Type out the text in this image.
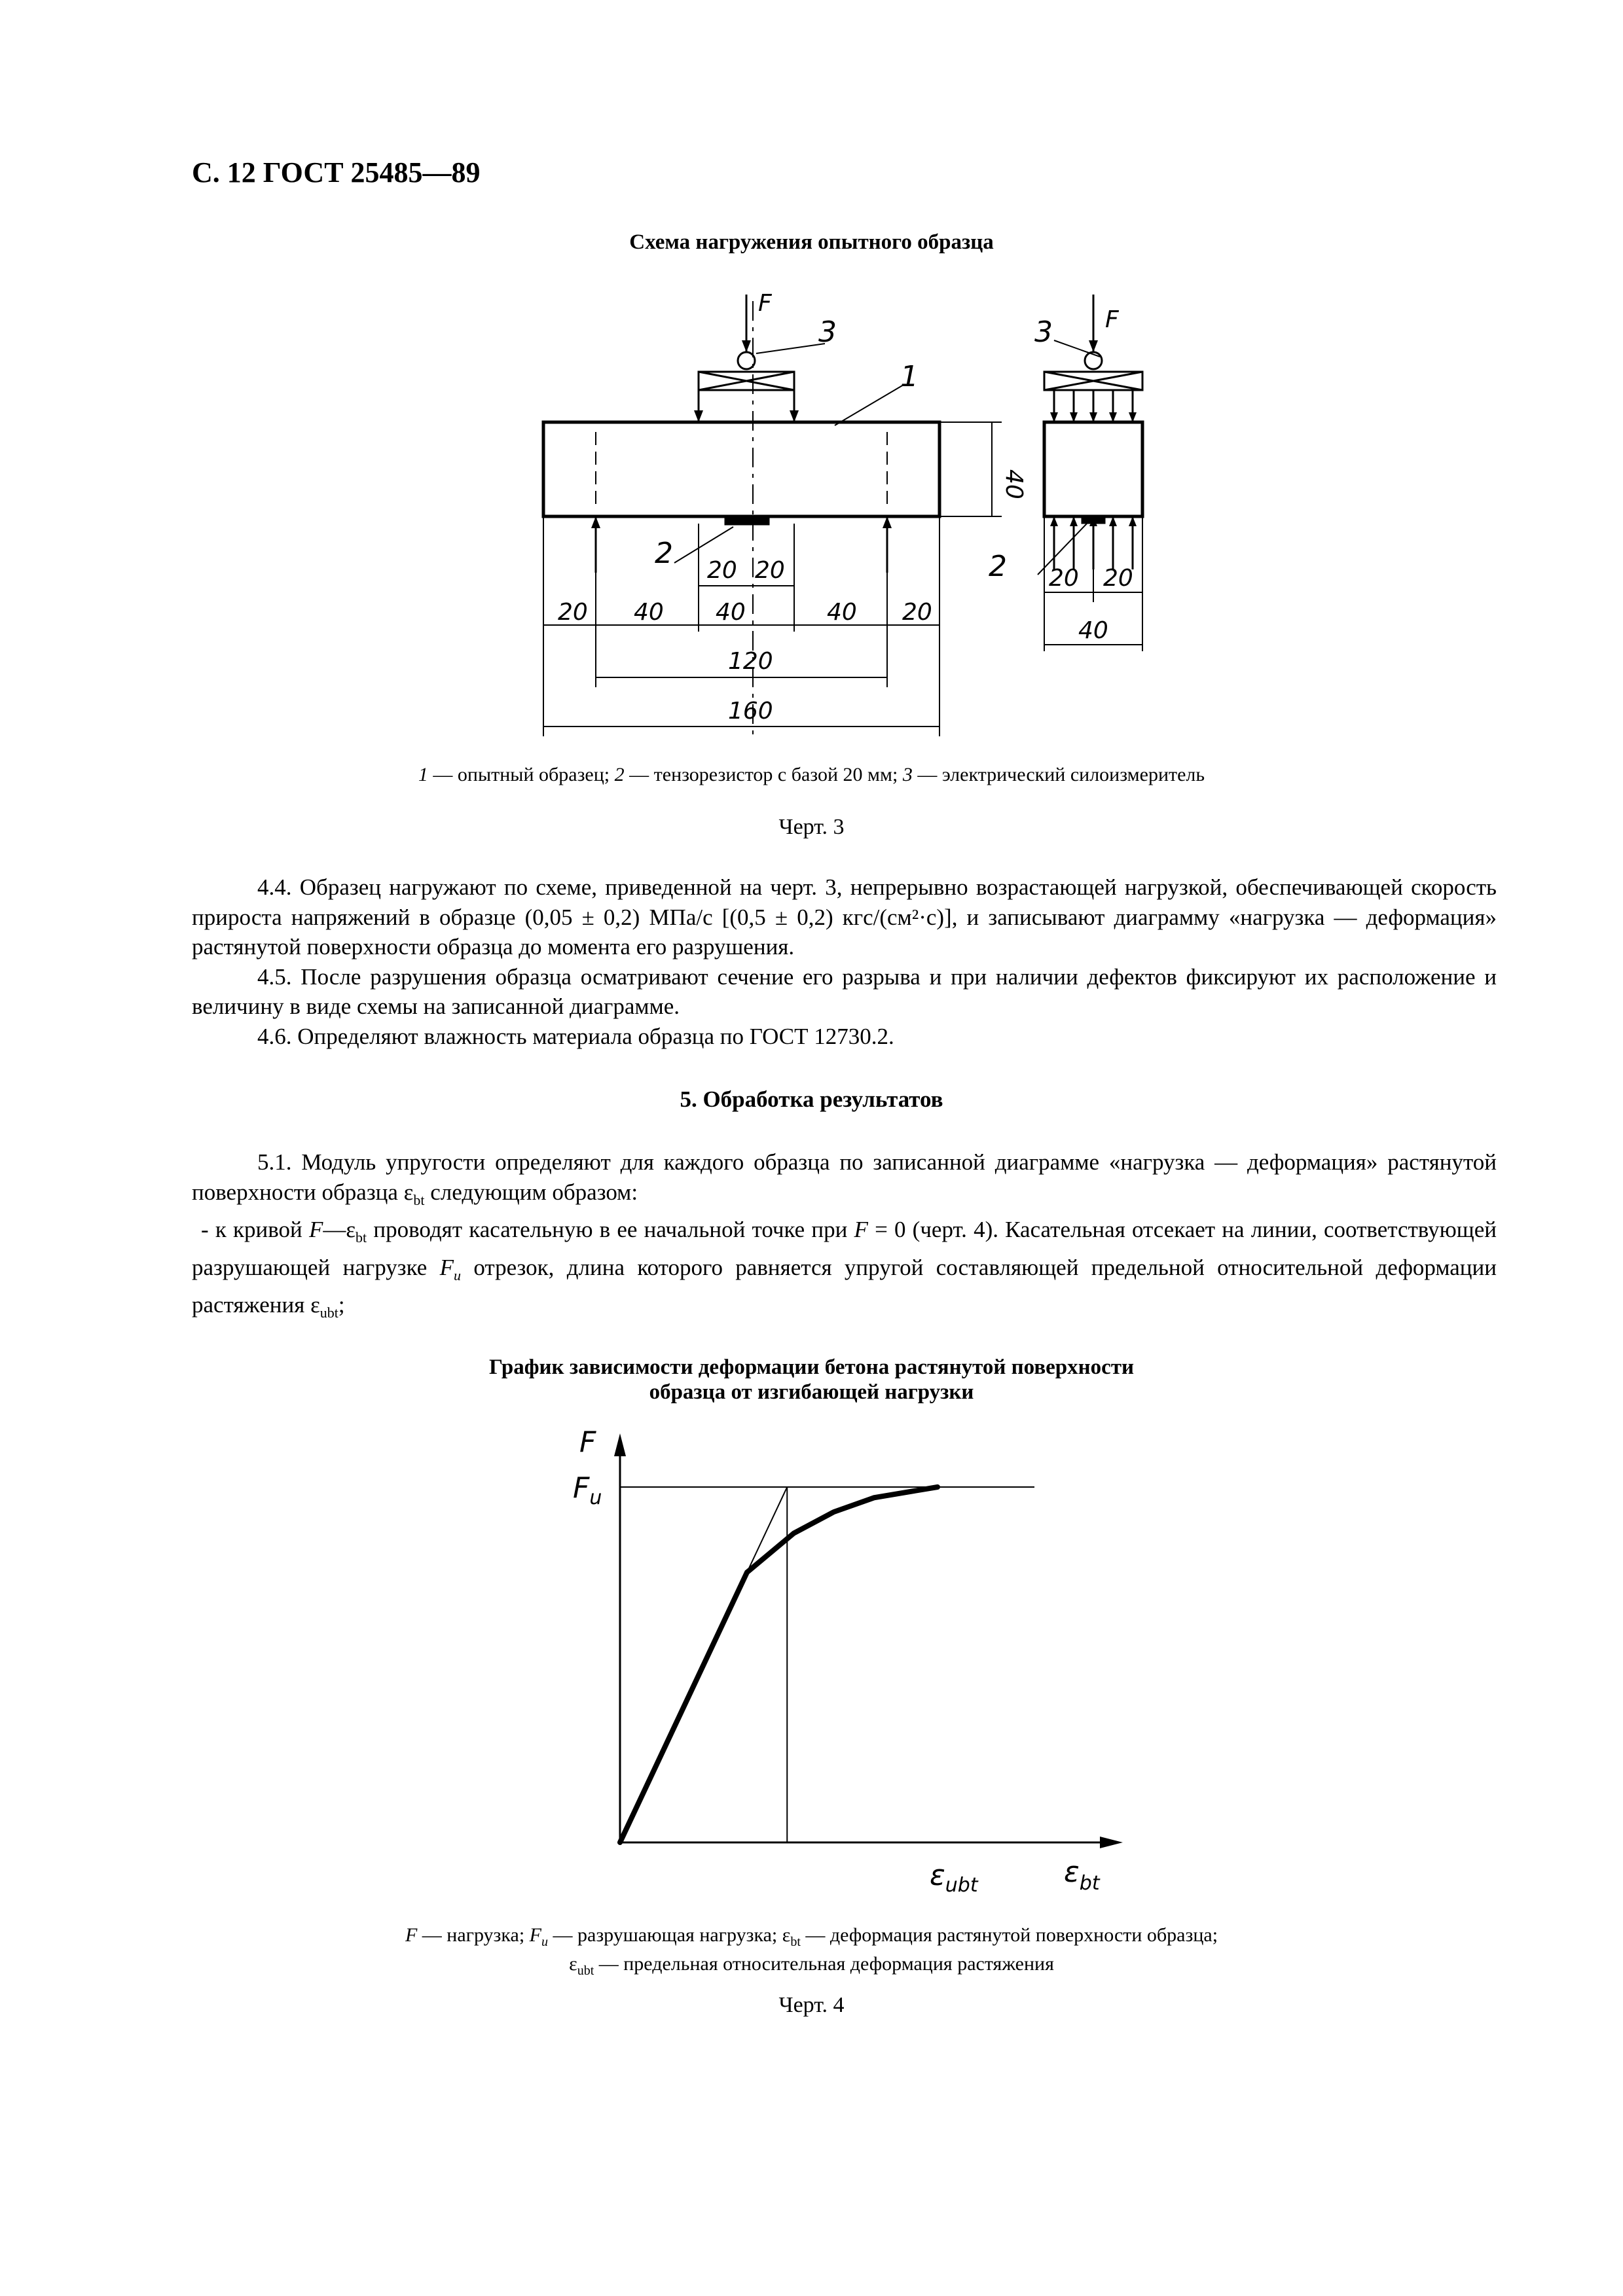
С. 12 ГОСТ 25485—89
Схема нагружения опытного образца
F
F
1
2
3	3
2
40
20 40 40	40 20
20 20
120
160
20 20
40
1 — опытный образец; 2 — тензорезистор с базой 20 мм; 3 — электрический силоизмеритель
Черт. 3

4.4. Образец нагружают по схеме, приведенной на черт. 3, непрерывно возрастающей нагрузкой, обеспечивающей скорость прироста напряжений в образце (0,05 ± 0,2) МПа/с [(0,5 ± 0,2) кгс/(см²·с)], и записывают диаграмму «нагрузка — деформация» растянутой поверхности образца до момента его разрушения.

4.5. После разрушения образца осматривают сечение его разрыва и при наличии дефектов фиксируют их расположение и величину в виде схемы на записанной диаграмме.

4.6. Определяют влажность материала образца по ГОСТ 12730.2.

5. Обработка результатов

5.1. Модуль упругости определяют для каждого образца по записанной диаграмме «нагрузка — деформация» растянутой поверхности образца $\varepsilon_{bt}$ следующим образом:

- к кривой $F—\varepsilon_{bt}$ проводят касательную в ее начальной точке при F = 0 (черт. 4). Касательная отсекает на линии, соответствующей разрушающей нагрузке $F_u$ отрезок, длина которого равняется упругой составляющей предельной относительной деформации растяжения $\varepsilon_{ubt}$;

График зависимости деформации бетона растянутой поверхности
образца от изгибающей нагрузки
F
$F_u$
$\varepsilon_{ubt}$	$\varepsilon_{bt}$
F — нагрузка; $F_u$ — разрушающая нагрузка; $\varepsilon_{bt}$ — деформация растянутой поверхности образца;
$\varepsilon_{ubt}$ — предельная относительная деформация растяжения
Черт. 4
